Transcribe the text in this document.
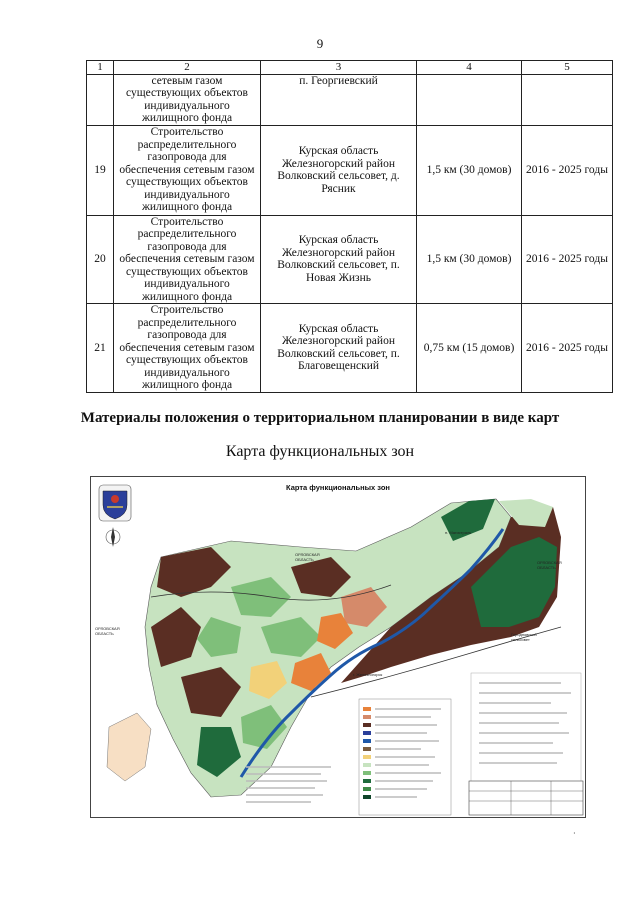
9
1	2	3	4	5
	сетевым газом существующих объектов индивидуального жилищного фонда	п. Георгиевский		
19	Строительство распределительного газопровода для обеспечения сетевым газом существующих объектов индивидуального жилищного фонда	Курская область Железногорский район Волковский сельсовет, д. Рясник	1,5 км (30 домов)	2016 - 2025 годы
20	Строительство распределительного газопровода для обеспечения сетевым газом существующих объектов индивидуального жилищного фонда	Курская область Железногорский район Волковский сельсовет, п. Новая Жизнь	1,5 км (30 домов)	2016 - 2025 годы
21	Строительство распределительного газопровода для обеспечения сетевым газом существующих объектов индивидуального жилищного фонда	Курская область Железногорский район Волковский сельсовет, п. Благовещенский	0,75 км (15 домов)	2016 - 2025 годы
Материалы положения о территориальном планировании в виде карт
Карта функциональных зон
Карта функциональных зон
ОРЛОВСКАЯ ОБЛАСТЬ
ОРЛОВСКАЯ ОБЛАСТЬ
ОРЛОВСКАЯ ОБЛАСТЬ	Городновский сельсовет
г. Железногорск
п. Магистраль
·
